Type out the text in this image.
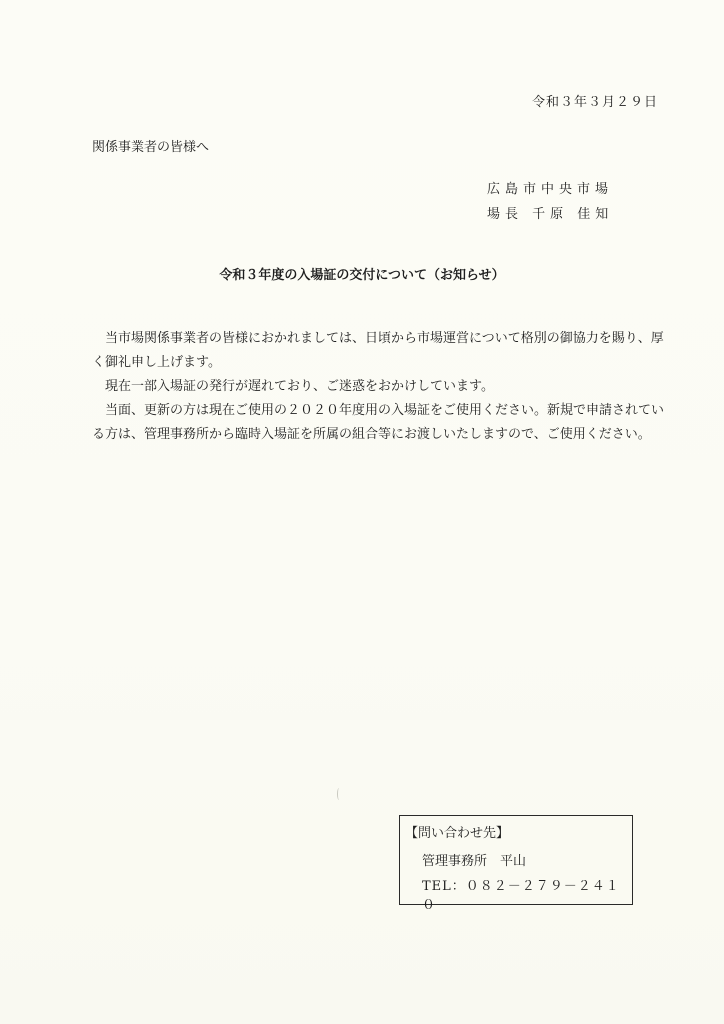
令和３年３月２９日
関係事業者の皆様へ
広島市中央市場
場長 千原 佳知
令和３年度の入場証の交付について（お知らせ）

当市場関係事業者の皆様におかれましては、日頃から市場運営について格別の御協力を賜り、厚く御礼申し上げます。

現在一部入場証の発行が遅れており、ご迷惑をおかけしています。

当面、更新の方は現在ご使用の２０２０年度用の入場証をご使用ください。新規で申請されている方は、管理事務所から臨時入場証を所属の組合等にお渡しいたしますので、ご使用ください。

【問い合わせ先】
管理事務所　平山
TEL：０８２－２７９－２４１０
